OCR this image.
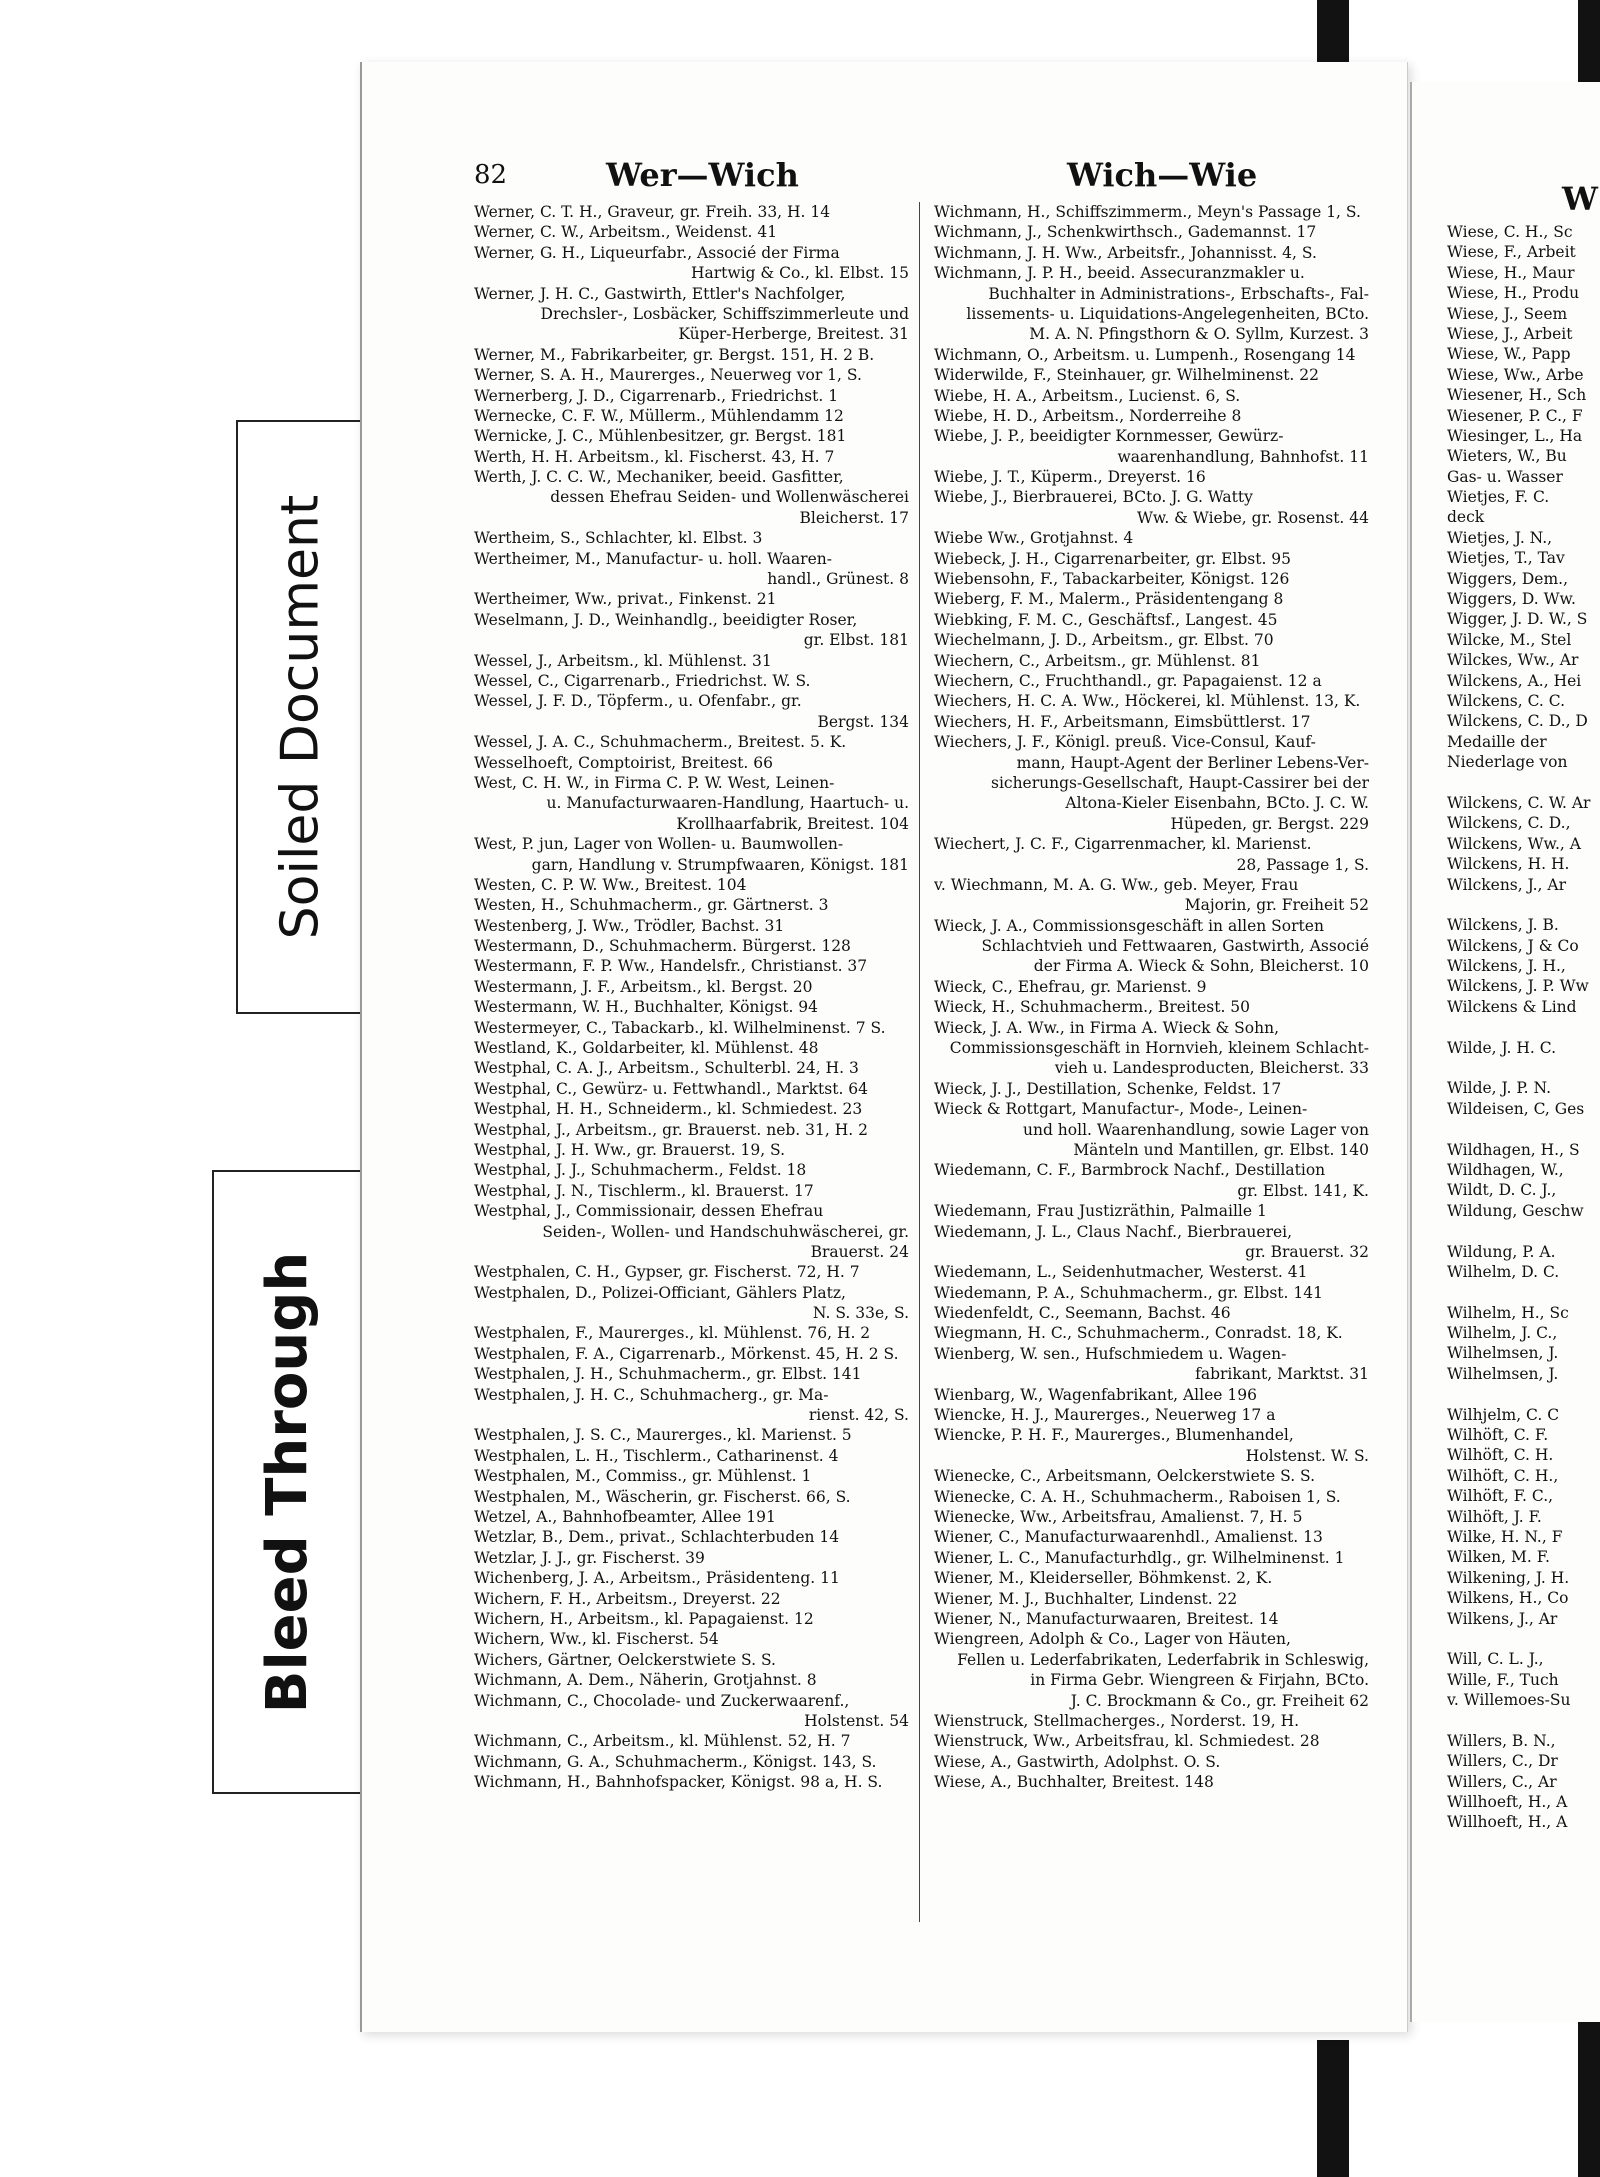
Soiled Document
Bleed Through
82	Wer—Wich	Wich—Wie
Werner, C. T. H., Graveur, gr. Freih. 33, H. 14
Werner, C. W., Arbeitsm., Weidenst. 41
Werner, G. H., Liqueurfabr., Associé der Firma
Hartwig & Co., kl. Elbst. 15
Werner, J. H. C., Gastwirth, Ettler's Nachfolger,
Drechsler-, Losbäcker, Schiffszimmerleute und
Küper-Herberge, Breitest. 31
Werner, M., Fabrikarbeiter, gr. Bergst. 151, H. 2 B.
Werner, S. A. H., Maurerges., Neuerweg vor 1, S.
Wernerberg, J. D., Cigarrenarb., Friedrichst. 1
Wernecke, C. F. W., Müllerm., Mühlendamm 12
Wernicke, J. C., Mühlenbesitzer, gr. Bergst. 181
Werth, H. H. Arbeitsm., kl. Fischerst. 43, H. 7
Werth, J. C. C. W., Mechaniker, beeid. Gasfitter,
dessen Ehefrau Seiden- und Wollenwäscherei
Bleicherst. 17
Wertheim, S., Schlachter, kl. Elbst. 3
Wertheimer, M., Manufactur- u. holl. Waaren-
handl., Grünest. 8
Wertheimer, Ww., privat., Finkenst. 21
Weselmann, J. D., Weinhandlg., beeidigter Roser,
gr. Elbst. 181
Wessel, J., Arbeitsm., kl. Mühlenst. 31
Wessel, C., Cigarrenarb., Friedrichst. W. S.
Wessel, J. F. D., Töpferm., u. Ofenfabr., gr.
Bergst. 134
Wessel, J. A. C., Schuhmacherm., Breitest. 5. K.
Wesselhoeft, Comptoirist, Breitest. 66
West, C. H. W., in Firma C. P. W. West, Leinen-
u. Manufacturwaaren-Handlung, Haartuch- u.
Krollhaarfabrik, Breitest. 104
West, P. jun, Lager von Wollen- u. Baumwollen-
garn, Handlung v. Strumpfwaaren, Königst. 181
Westen, C. P. W. Ww., Breitest. 104
Westen, H., Schuhmacherm., gr. Gärtnerst. 3
Westenberg, J. Ww., Trödler, Bachst. 31
Westermann, D., Schuhmacherm. Bürgerst. 128
Westermann, F. P. Ww., Handelsfr., Christianst. 37
Westermann, J. F., Arbeitsm., kl. Bergst. 20
Westermann, W. H., Buchhalter, Königst. 94
Westermeyer, C., Tabackarb., kl. Wilhelminenst. 7 S.
Westland, K., Goldarbeiter, kl. Mühlenst. 48
Westphal, C. A. J., Arbeitsm., Schulterbl. 24, H. 3
Westphal, C., Gewürz- u. Fettwhandl., Marktst. 64
Westphal, H. H., Schneiderm., kl. Schmiedest. 23
Westphal, J., Arbeitsm., gr. Brauerst. neb. 31, H. 2
Westphal, J. H. Ww., gr. Brauerst. 19, S.
Westphal, J. J., Schuhmacherm., Feldst. 18
Westphal, J. N., Tischlerm., kl. Brauerst. 17
Westphal, J., Commissionair, dessen Ehefrau
Seiden-, Wollen- und Handschuhwäscherei, gr.
Brauerst. 24
Westphalen, C. H., Gypser, gr. Fischerst. 72, H. 7
Westphalen, D., Polizei-Officiant, Gählers Platz,
N. S. 33e, S.
Westphalen, F., Maurerges., kl. Mühlenst. 76, H. 2
Westphalen, F. A., Cigarrenarb., Mörkenst. 45, H. 2 S.
Westphalen, J. H., Schuhmacherm., gr. Elbst. 141
Westphalen, J. H. C., Schuhmacherg., gr. Ma-
rienst. 42, S.
Westphalen, J. S. C., Maurerges., kl. Marienst. 5
Westphalen, L. H., Tischlerm., Catharinenst. 4
Westphalen, M., Commiss., gr. Mühlenst. 1
Westphalen, M., Wäscherin, gr. Fischerst. 66, S.
Wetzel, A., Bahnhofbeamter, Allee 191
Wetzlar, B., Dem., privat., Schlachterbuden 14
Wetzlar, J. J., gr. Fischerst. 39
Wichenberg, J. A., Arbeitsm., Präsidenteng. 11
Wichern, F. H., Arbeitsm., Dreyerst. 22
Wichern, H., Arbeitsm., kl. Papagaienst. 12
Wichern, Ww., kl. Fischerst. 54
Wichers, Gärtner, Oelckerstwiete S. S.
Wichmann, A. Dem., Näherin, Grotjahnst. 8
Wichmann, C., Chocolade- und Zuckerwaarenf.,
Holstenst. 54
Wichmann, C., Arbeitsm., kl. Mühlenst. 52, H. 7
Wichmann, G. A., Schuhmacherm., Königst. 143, S.
Wichmann, H., Bahnhofspacker, Königst. 98 a, H. S.
Wichmann, H., Schiffszimmerm., Meyn's Passage 1, S.
Wichmann, J., Schenkwirthsch., Gademannst. 17
Wichmann, J. H. Ww., Arbeitsfr., Johannisst. 4, S.
Wichmann, J. P. H., beeid. Assecuranzmakler u.
Buchhalter in Administrations-, Erbschafts-, Fal-
lissements- u. Liquidations-Angelegenheiten, BCto.
M. A. N. Pfingsthorn & O. Syllm, Kurzest. 3
Wichmann, O., Arbeitsm. u. Lumpenh., Rosengang 14
Widerwilde, F., Steinhauer, gr. Wilhelminenst. 22
Wiebe, H. A., Arbeitsm., Lucienst. 6, S.
Wiebe, H. D., Arbeitsm., Norderreihe 8
Wiebe, J. P., beeidigter Kornmesser, Gewürz-
waarenhandlung, Bahnhofst. 11
Wiebe, J. T., Küperm., Dreyerst. 16
Wiebe, J., Bierbrauerei, BCto. J. G. Watty
Ww. & Wiebe, gr. Rosenst. 44
Wiebe Ww., Grotjahnst. 4
Wiebeck, J. H., Cigarrenarbeiter, gr. Elbst. 95
Wiebensohn, F., Tabackarbeiter, Königst. 126
Wieberg, F. M., Malerm., Präsidentengang 8
Wiebking, F. M. C., Geschäftsf., Langest. 45
Wiechelmann, J. D., Arbeitsm., gr. Elbst. 70
Wiechern, C., Arbeitsm., gr. Mühlenst. 81
Wiechern, C., Fruchthandl., gr. Papagaienst. 12 a
Wiechers, H. C. A. Ww., Höckerei, kl. Mühlenst. 13, K.
Wiechers, H. F., Arbeitsmann, Eimsbüttlerst. 17
Wiechers, J. F., Königl. preuß. Vice-Consul, Kauf-
mann, Haupt-Agent der Berliner Lebens-Ver-
sicherungs-Gesellschaft, Haupt-Cassirer bei der
Altona-Kieler Eisenbahn, BCto. J. C. W.
Hüpeden, gr. Bergst. 229
Wiechert, J. C. F., Cigarrenmacher, kl. Marienst.
28, Passage 1, S.
v. Wiechmann, M. A. G. Ww., geb. Meyer, Frau
Majorin, gr. Freiheit 52
Wieck, J. A., Commissionsgeschäft in allen Sorten
Schlachtvieh und Fettwaaren, Gastwirth, Associé
der Firma A. Wieck & Sohn, Bleicherst. 10
Wieck, C., Ehefrau, gr. Marienst. 9
Wieck, H., Schuhmacherm., Breitest. 50
Wieck, J. A. Ww., in Firma A. Wieck & Sohn,
Commissionsgeschäft in Hornvieh, kleinem Schlacht-
vieh u. Landesproducten, Bleicherst. 33
Wieck, J. J., Destillation, Schenke, Feldst. 17
Wieck & Rottgart, Manufactur-, Mode-, Leinen-
und holl. Waarenhandlung, sowie Lager von
Mänteln und Mantillen, gr. Elbst. 140
Wiedemann, C. F., Barmbrock Nachf., Destillation
gr. Elbst. 141, K.
Wiedemann, Frau Justizräthin, Palmaille 1
Wiedemann, J. L., Claus Nachf., Bierbrauerei,
gr. Brauerst. 32
Wiedemann, L., Seidenhutmacher, Westerst. 41
Wiedemann, P. A., Schuhmacherm., gr. Elbst. 141
Wiedenfeldt, C., Seemann, Bachst. 46
Wiegmann, H. C., Schuhmacherm., Conradst. 18, K.
Wienberg, W. sen., Hufschmiedem u. Wagen-
fabrikant, Marktst. 31
Wienbarg, W., Wagenfabrikant, Allee 196
Wiencke, H. J., Maurerges., Neuerweg 17 a
Wiencke, P. H. F., Maurerges., Blumenhandel,
Holstenst. W. S.
Wienecke, C., Arbeitsmann, Oelckerstwiete S. S.
Wienecke, C. A. H., Schuhmacherm., Raboisen 1, S.
Wienecke, Ww., Arbeitsfrau, Amalienst. 7, H. 5
Wiener, C., Manufacturwaarenhdl., Amalienst. 13
Wiener, L. C., Manufacturhdlg., gr. Wilhelminenst. 1
Wiener, M., Kleiderseller, Böhmkenst. 2, K.
Wiener, M. J., Buchhalter, Lindenst. 22
Wiener, N., Manufacturwaaren, Breitest. 14
Wiengreen, Adolph & Co., Lager von Häuten,
Fellen u. Lederfabrikaten, Lederfabrik in Schleswig,
in Firma Gebr. Wiengreen & Firjahn, BCto.
J. C. Brockmann & Co., gr. Freiheit 62
Wienstruck, Stellmacherges., Norderst. 19, H.
Wienstruck, Ww., Arbeitsfrau, kl. Schmiedest. 28
Wiese, A., Gastwirth, Adolphst. O. S.
Wiese, A., Buchhalter, Breitest. 148
W
Wiese, C. H., Sc
Wiese, F., Arbeit
Wiese, H., Maur
Wiese, H., Produ
Wiese, J., Seem
Wiese, J., Arbeit
Wiese, W., Papp
Wiese, Ww., Arbe
Wiesener, H., Sch
Wiesener, P. C., F
Wiesinger, L., Ha
Wieters, W., Bu
Gas- u. Wasser
Wietjes, F. C.
deck
Wietjes, J. N.,
Wietjes, T., Tav
Wiggers, Dem.,
Wiggers, D. Ww.
Wigger, J. D. W., S
Wilcke, M., Stel
Wilckes, Ww., Ar
Wilckens, A., Hei
Wilckens, C. C.
Wilckens, C. D., D
Medaille der
Niederlage von
Wilckens, C. W. Ar
Wilckens, C. D.,
Wilckens, Ww., A
Wilckens, H. H.
Wilckens, J., Ar
Wilckens, J. B.
Wilckens, J & Co
Wilckens, J. H.,
Wilckens, J. P. Ww
Wilckens & Lind
Wilde, J. H. C.
Wilde, J. P. N.
Wildeisen, C, Ges
Wildhagen, H., S
Wildhagen, W.,
Wildt, D. C. J.,
Wildung, Geschw
Wildung, P. A.
Wilhelm, D. C.
Wilhelm, H., Sc
Wilhelm, J. C.,
Wilhelmsen, J.
Wilhelmsen, J.
Wilhjelm, C. C
Wilhöft, C. F.
Wilhöft, C. H.
Wilhöft, C. H.,
Wilhöft, F. C.,
Wilhöft, J. F.
Wilke, H. N., F
Wilken, M. F.
Wilkening, J. H.
Wilkens, H., Co
Wilkens, J., Ar
Will, C. L. J.,
Wille, F., Tuch
v. Willemoes-Su
Willers, B. N.,
Willers, C., Dr
Willers, C., Ar
Willhoeft, H., A
Willhoeft, H., A
